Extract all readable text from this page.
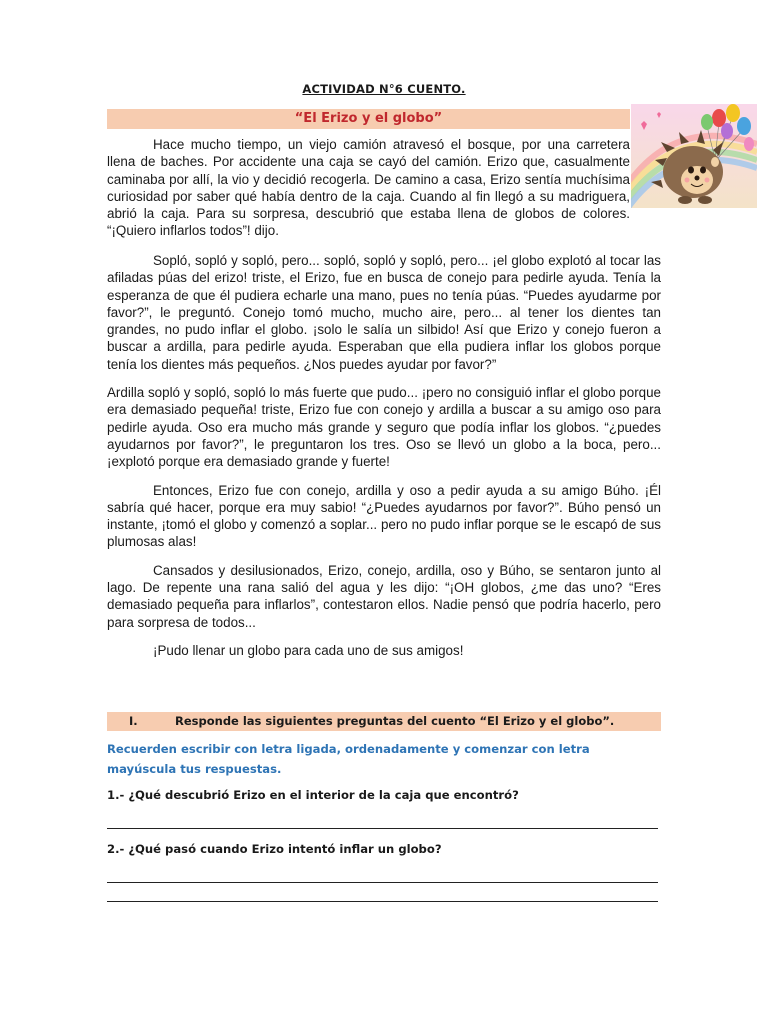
ACTIVIDAD N°6 CUENTO.
“El Erizo y el globo”

Hace mucho tiempo, un viejo camión atravesó el bosque, por una carretera llena de baches. Por accidente una caja se cayó del camión. Erizo que, casualmente caminaba por allí, la vio y decidió recogerla. De camino a casa, Erizo sentía muchísima curiosidad por saber qué había dentro de la caja. Cuando al fin llegó a su madriguera, abrió la caja. Para su sorpresa, descubrió que estaba llena de globos de colores. “¡Quiero inflarlos todos”! dijo.

Sopló, sopló y sopló, pero... sopló, sopló y sopló, pero... ¡el globo explotó al tocar las afiladas púas del erizo! triste, el Erizo, fue en busca de conejo para pedirle ayuda. Tenía la esperanza de que él pudiera echarle una mano, pues no tenía púas. “Puedes ayudarme por favor?”, le preguntó. Conejo tomó mucho, mucho aire, pero... al tener los dientes tan grandes, no pudo inflar el globo. ¡solo le salía un silbido! Así que Erizo y conejo fueron a buscar a ardilla, para pedirle ayuda. Esperaban que ella pudiera inflar los globos porque tenía los dientes más pequeños. ¿Nos puedes ayudar por favor?”

Ardilla sopló y sopló, sopló lo más fuerte que pudo... ¡pero no consiguió inflar el globo porque era demasiado pequeña! triste, Erizo fue con conejo y ardilla a buscar a su amigo oso para pedirle ayuda. Oso era mucho más grande y seguro que podía inflar los globos. “¿puedes ayudarnos por favor?”, le preguntaron los tres. Oso se llevó un globo a la boca, pero... ¡explotó porque era demasiado grande y fuerte!

Entonces, Erizo fue con conejo, ardilla y oso a pedir ayuda a su amigo Búho. ¡Él sabría qué hacer, porque era muy sabio! “¿Puedes ayudarnos por favor?”. Búho pensó un instante, ¡tomó el globo y comenzó a soplar... pero no pudo inflar porque se le escapó de sus plumosas alas!

Cansados y desilusionados, Erizo, conejo, ardilla, oso y Búho, se sentaron junto al lago. De repente una rana salió del agua y les dijo: “¡OH globos, ¿me das uno? “Eres demasiado pequeña para inflarlos”, contestaron ellos. Nadie pensó que podría hacerlo, pero para sorpresa de todos...

¡Pudo llenar un globo para cada uno de sus amigos!

I.	Responde las siguientes preguntas del cuento “El Erizo y el globo”.
Recuerden escribir con letra ligada, ordenadamente y comenzar con letra mayúscula tus respuestas.
1.- ¿Qué descubrió Erizo en el interior de la caja que encontró?
2.- ¿Qué pasó cuando Erizo intentó inflar un globo?
